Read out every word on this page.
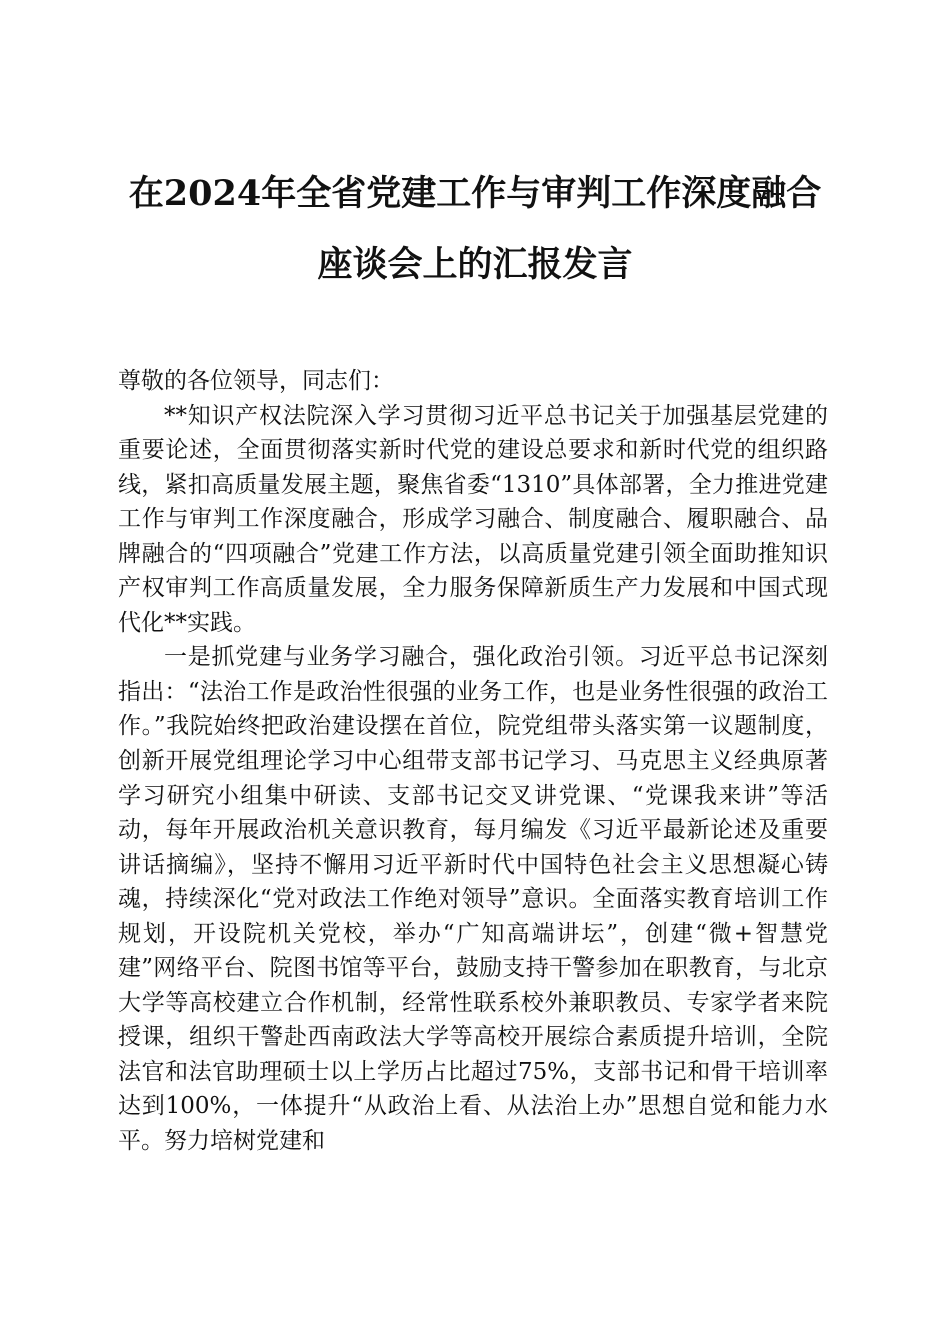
在2024年全省党建工作与审判工作深度融合
座谈会上的汇报发言

尊敬的各位领导，同志们：

**知识产权法院深入学习贯彻习近平总书记关于加强基层党建的重要论述，全面贯彻落实新时代党的建设总要求和新时代党的组织路线，紧扣高质量发展主题，聚焦省委“1310”具体部署，全力推进党建工作与审判工作深度融合，形成学习融合、制度融合、履职融合、品牌融合的“四项融合”党建工作方法，以高质量党建引领全面助推知识产权审判工作高质量发展，全力服务保障新质生产力发展和中国式现代化**实践。

一是抓党建与业务学习融合，强化政治引领。习近平总书记深刻指出：“法治工作是政治性很强的业务工作，也是业务性很强的政治工作。”我院始终把政治建设摆在首位，院党组带头落实第一议题制度，创新开展党组理论学习中心组带支部书记学习、马克思主义经典原著学习研究小组集中研读、支部书记交叉讲党课、“党课我来讲”等活动，每年开展政治机关意识教育，每月编发《习近平最新论述及重要讲话摘编》，坚持不懈用习近平新时代中国特色社会主义思想凝心铸魂，持续深化“党对政法工作绝对领导”意识。全面落实教育培训工作规划，开设院机关党校，举办“广知高端讲坛”，创建“微+智慧党建”网络平台、院图书馆等平台，鼓励支持干警参加在职教育，与北京大学等高校建立合作机制，经常性联系校外兼职教员、专家学者来院授课，组织干警赴西南政法大学等高校开展综合素质提升培训，全院法官和法官助理硕士以上学历占比超过75%，支部书记和骨干培训率达到100%，一体提升“从政治上看、从法治上办”思想自觉和能力水平。努力培树党建和
